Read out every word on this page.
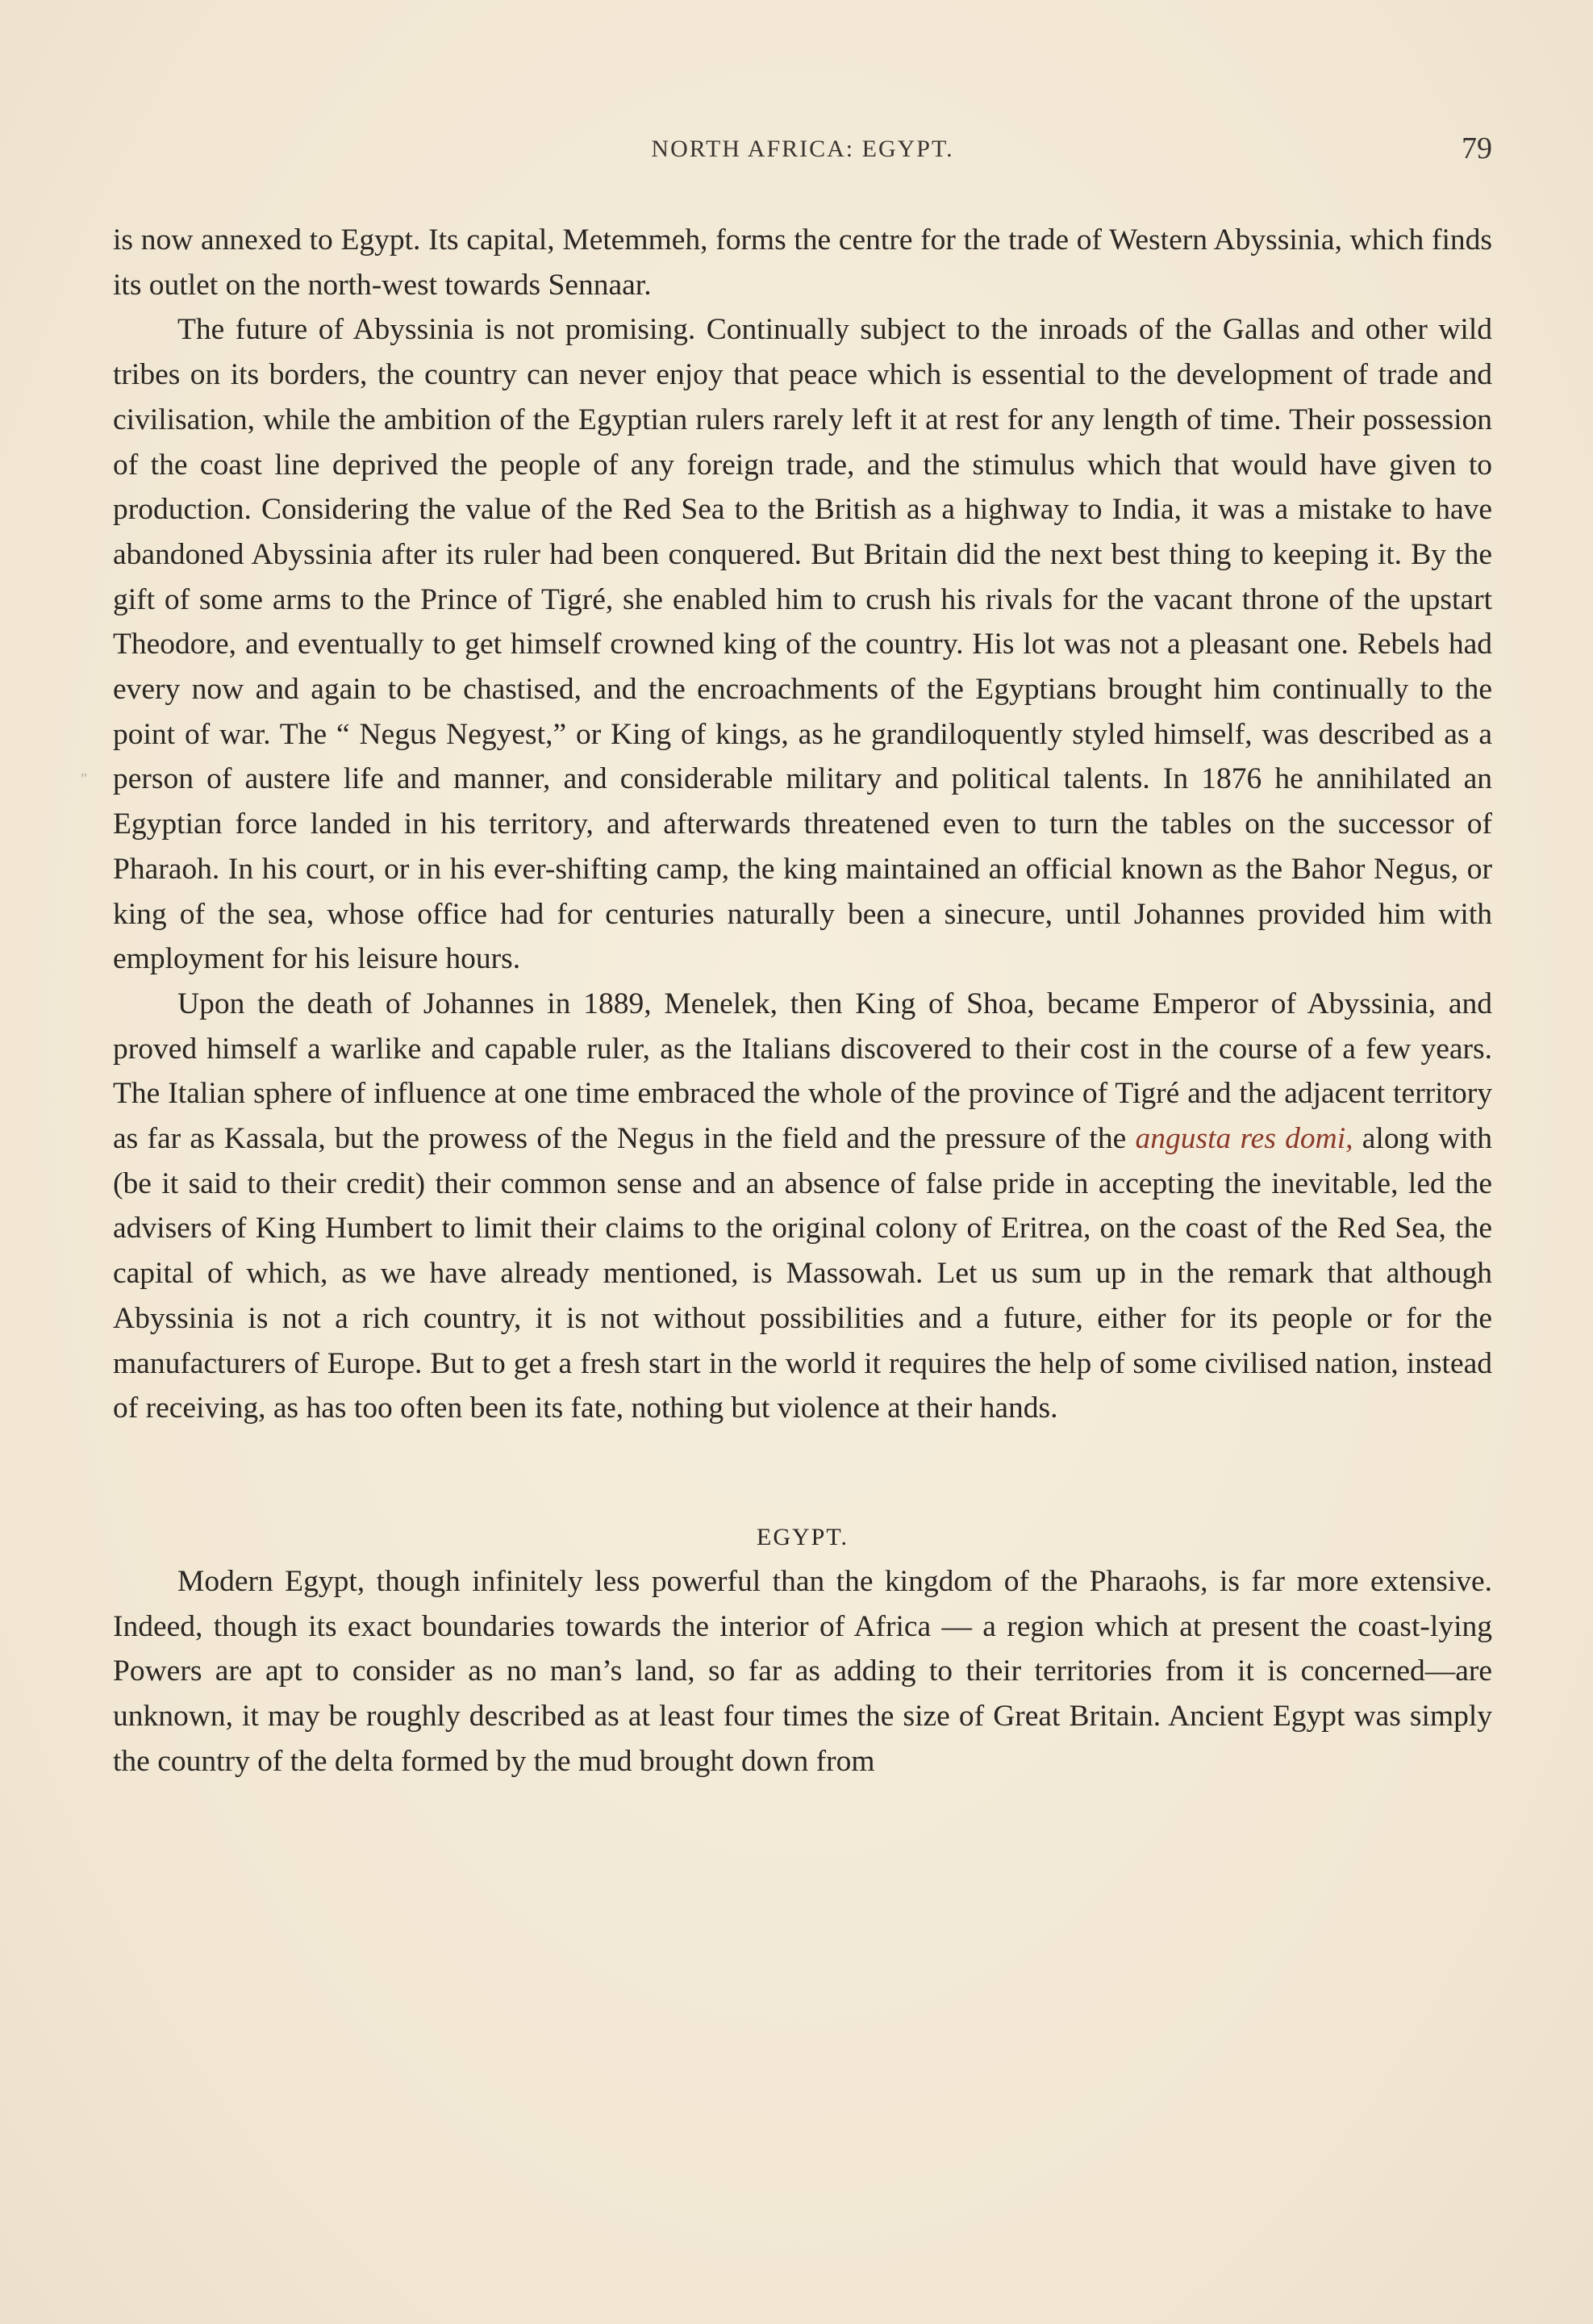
NORTH AFRICA: EGYPT.	79
″

is now annexed to Egypt. Its capital, Metemmeh, forms the centre for the trade of Western Abyssinia, which finds its outlet on the north-west towards Sennaar.

The future of Abyssinia is not promising. Continually subject to the inroads of the Gallas and other wild tribes on its borders, the country can never enjoy that peace which is essential to the development of trade and civilisation, while the ambition of the Egyptian rulers rarely left it at rest for any length of time. Their possession of the coast line deprived the people of any foreign trade, and the stimulus which that would have given to production. Considering the value of the Red Sea to the British as a highway to India, it was a mistake to have abandoned Abyssinia after its ruler had been conquered. But Britain did the next best thing to keeping it. By the gift of some arms to the Prince of Tigré, she enabled him to crush his rivals for the vacant throne of the upstart Theodore, and eventually to get himself crowned king of the country. His lot was not a pleasant one. Rebels had every now and again to be chastised, and the encroachments of the Egyptians brought him continually to the point of war. The “ Negus Negyest,” or King of kings, as he grandiloquently styled himself, was described as a person of austere life and manner, and considerable military and political talents. In 1876 he annihilated an Egyptian force landed in his territory, and afterwards threatened even to turn the tables on the successor of Pharaoh. In his court, or in his ever-shifting camp, the king maintained an official known as the Bahor Negus, or king of the sea, whose office had for centuries naturally been a sinecure, until Johannes provided him with employment for his leisure hours.

Upon the death of Johannes in 1889, Menelek, then King of Shoa, became Emperor of Abyssinia, and proved himself a warlike and capable ruler, as the Italians discovered to their cost in the course of a few years. The Italian sphere of influence at one time embraced the whole of the province of Tigré and the adjacent territory as far as Kassala, but the prowess of the Negus in the field and the pressure of the angusta res domi, along with (be it said to their credit) their common sense and an absence of false pride in accepting the inevitable, led the advisers of King Humbert to limit their claims to the original colony of Eritrea, on the coast of the Red Sea, the capital of which, as we have already mentioned, is Massowah. Let us sum up in the remark that although Abyssinia is not a rich country, it is not without possibilities and a future, either for its people or for the manufacturers of Europe. But to get a fresh start in the world it requires the help of some civilised nation, instead of receiving, as has too often been its fate, nothing but violence at their hands.

EGYPT.

Modern Egypt, though infinitely less powerful than the kingdom of the Pharaohs, is far more extensive. Indeed, though its exact boundaries towards the interior of Africa — a region which at present the coast-lying Powers are apt to consider as no man’s land, so far as adding to their territories from it is concerned—are unknown, it may be roughly described as at least four times the size of Great Britain. Ancient Egypt was simply the country of the delta formed by the mud brought down from
